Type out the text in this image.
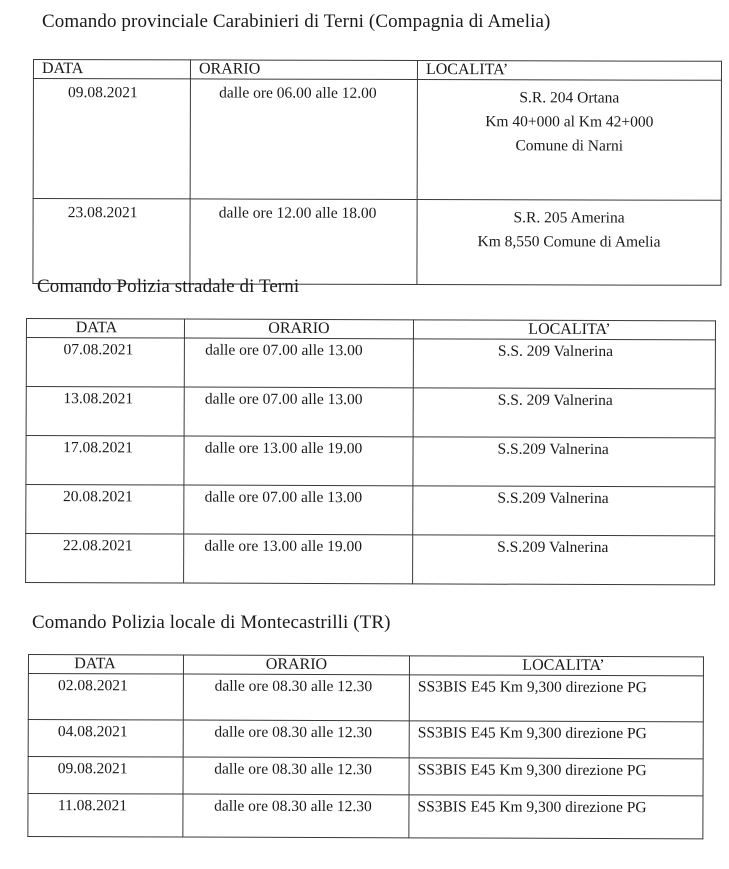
Comando provinciale Carabinieri di Terni (Compagnia di Amelia)
DATA	ORARIO	LOCALITA’
09.08.2021	dalle ore 06.00 alle 12.00	S.R. 204 Ortana
Km 40+000 al Km 42+000
Comune di Narni

23.08.2021	dalle ore 12.00 alle 18.00	S.R. 205 Amerina
Km 8,550 Comune di Amelia
Comando Polizia stradale di Terni
DATA	ORARIO	LOCALITA’
07.08.2021	dalle ore 07.00 alle 13.00	S.S. 209 Valnerina
13.08.2021	dalle ore 07.00 alle 13.00	S.S. 209 Valnerina
17.08.2021	dalle ore 13.00 alle 19.00	S.S.209 Valnerina
20.08.2021	dalle ore 07.00 alle 13.00	S.S.209 Valnerina
22.08.2021	dalle ore 13.00 alle 19.00	S.S.209 Valnerina
Comando Polizia locale di Montecastrilli (TR)
DATA	ORARIO	LOCALITA’
02.08.2021	dalle ore 08.30 alle 12.30	SS3BIS E45 Km 9,300 direzione PG
04.08.2021	dalle ore 08.30 alle 12.30	SS3BIS E45 Km 9,300 direzione PG
09.08.2021	dalle ore 08.30 alle 12.30	SS3BIS E45 Km 9,300 direzione PG
11.08.2021	dalle ore 08.30 alle 12.30	SS3BIS E45 Km 9,300 direzione PG
